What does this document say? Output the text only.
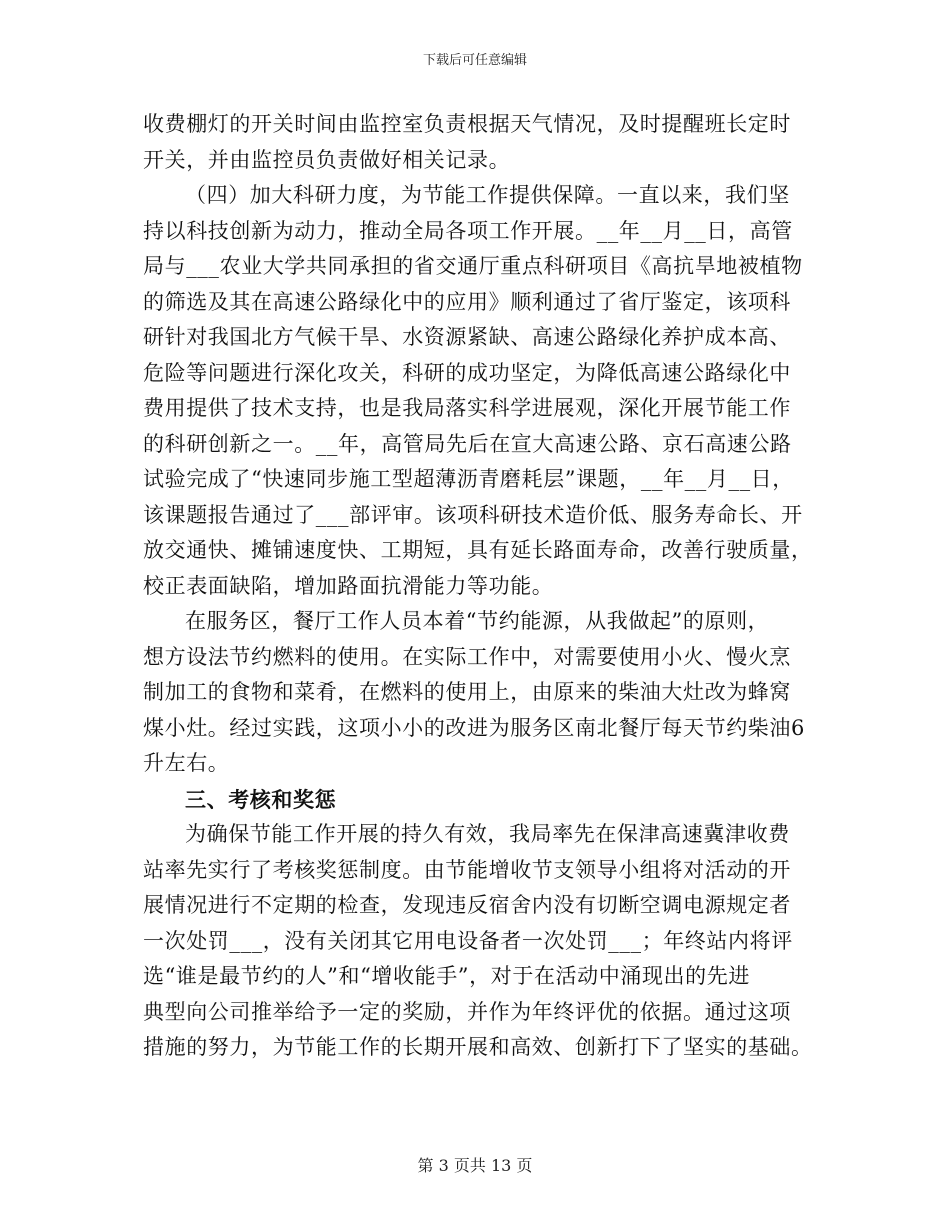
下载后可任意编辑
收费棚灯的开关时间由监控室负责根据天气情况，及时提醒班长定时
开关，并由监控员负责做好相关记录。
（四）加大科研力度，为节能工作提供保障。一直以来，我们坚
持以科技创新为动力，推动全局各项工作开展。__年__月__日，高管
局与___农业大学共同承担的省交通厅重点科研项目《高抗旱地被植物
的筛选及其在高速公路绿化中的应用》顺利通过了省厅鉴定，该项科
研针对我国北方气候干旱、水资源紧缺、高速公路绿化养护成本高、
危险等问题进行深化攻关，科研的成功坚定，为降低高速公路绿化中
费用提供了技术支持，也是我局落实科学进展观，深化开展节能工作
的科研创新之一。__年，高管局先后在宣大高速公路、京石高速公路
试验完成了“快速同步施工型超薄沥青磨耗层”课题，__年__月__日，
该课题报告通过了___部评审。该项科研技术造价低、服务寿命长、开
放交通快、摊铺速度快、工期短，具有延长路面寿命，改善行驶质量，
校正表面缺陷，增加路面抗滑能力等功能。
在服务区，餐厅工作人员本着“节约能源，从我做起”的原则，
想方设法节约燃料的使用。在实际工作中，对需要使用小火、慢火烹
制加工的食物和菜肴，在燃料的使用上，由原来的柴油大灶改为蜂窝
煤小灶。经过实践，这项小小的改进为服务区南北餐厅每天节约柴油6
升左右。
三、考核和奖惩
为确保节能工作开展的持久有效，我局率先在保津高速冀津收费
站率先实行了考核奖惩制度。由节能增收节支领导小组将对活动的开
展情况进行不定期的检查，发现违反宿舍内没有切断空调电源规定者
一次处罚___，没有关闭其它用电设备者一次处罚___；年终站内将评
选“谁是最节约的人”和“增收能手”，对于在活动中涌现出的先进
典型向公司推举给予一定的奖励，并作为年终评优的依据。通过这项
措施的努力，为节能工作的长期开展和高效、创新打下了坚实的基础。
第 3 页共 13 页
